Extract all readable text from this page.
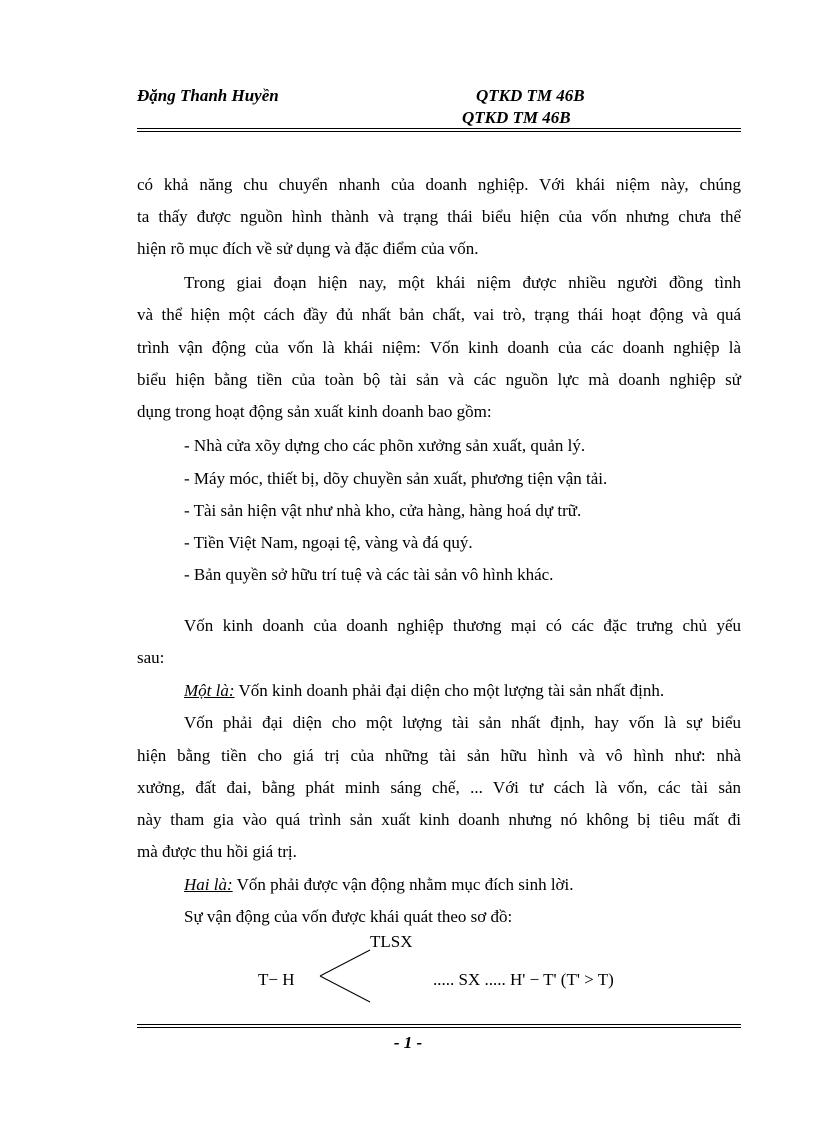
Đặng Thanh Huyền	QTKD TM 46B
QTKD TM 46B
có khả năng chu chuyển nhanh của doanh nghiệp. Với khái niệm này, chúng
ta thấy được nguồn hình thành và trạng thái biểu hiện của vốn nhưng chưa thể
hiện rõ mục đích về sử dụng và đặc điểm của vốn.
Trong giai đoạn hiện nay, một khái niệm được nhiều người đồng tình
và thể hiện một cách đầy đủ nhất bản chất, vai trò, trạng thái hoạt động và quá
trình vận động của vốn là khái niệm: Vốn kinh doanh của các doanh nghiệp là
biểu hiện bằng tiền của toàn bộ tài sản và các nguồn lực mà doanh nghiệp sử
dụng trong hoạt động sản xuất kinh doanh bao gồm:
- Nhà cửa xõy dựng cho các phõn xưởng sản xuất, quản lý.
- Máy móc, thiết bị, dõy chuyền sản xuất, phương tiện vận tải.
- Tài sản hiện vật như nhà kho, cửa hàng, hàng hoá dự trữ.
- Tiền Việt Nam, ngoại tệ, vàng và đá quý.
- Bản quyền sở hữu trí tuệ và các tài sản vô hình khác.
Vốn kinh doanh của doanh nghiệp thương mại có các đặc trưng chủ yếu
sau:
Một là: Vốn kinh doanh phải đại diện cho một lượng tài sản nhất định.
Vốn phải đại diện cho một lượng tài sản nhất định, hay vốn là sự biểu
hiện bằng tiền cho giá trị của những tài sản hữu hình và vô hình như: nhà
xưởng, đất đai, bằng phát minh sáng chế, ... Với tư cách là vốn, các tài sản
này tham gia vào quá trình sản xuất kinh doanh nhưng nó không bị tiêu mất đi
mà được thu hồi giá trị.
Hai là: Vốn phải được vận động nhằm mục đích sinh lời.
Sự vận động của vốn được khái quát theo sơ đồ:
TLSX
T− H	..... SX ..... H' − T' (T' > T)
- 1 -
